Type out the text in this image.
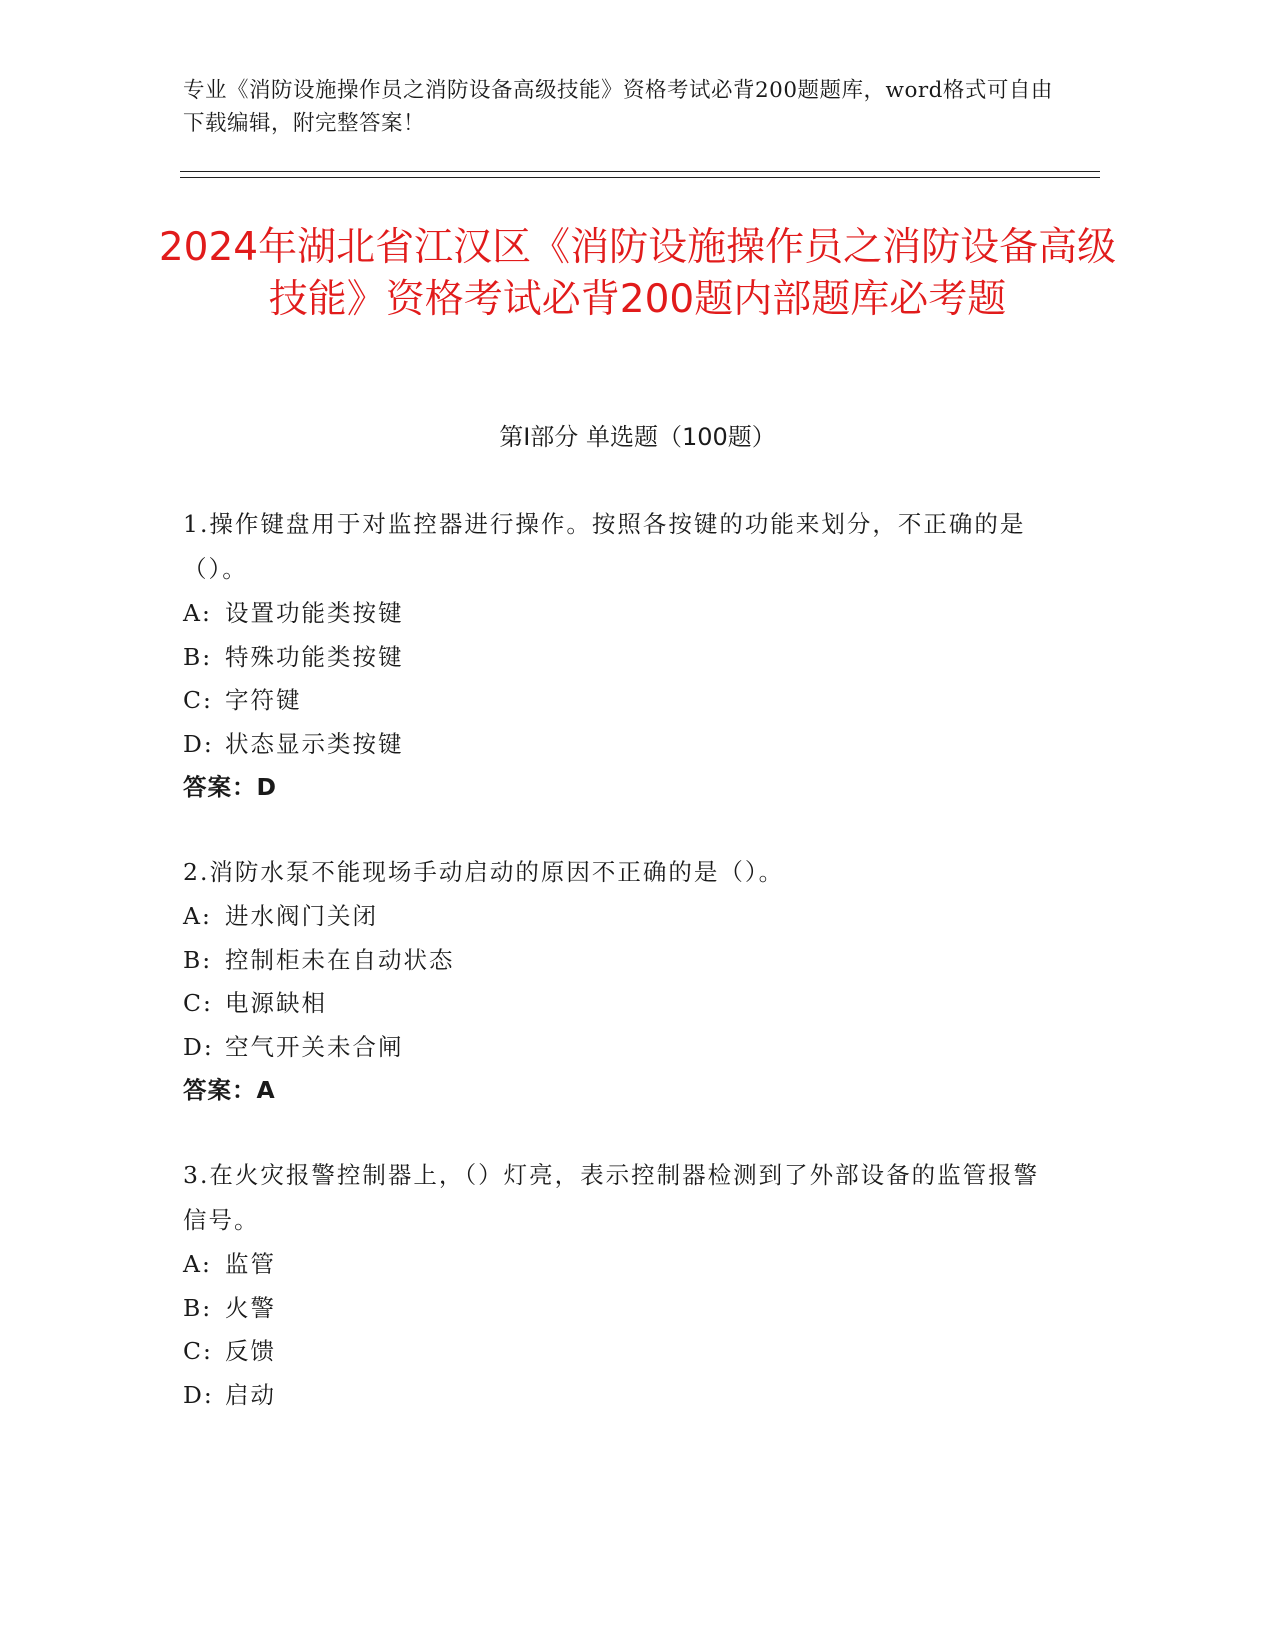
专业《消防设施操作员之消防设备高级技能》资格考试必背200题题库，word格式可自由下载编辑，附完整答案！
2024年湖北省江汉区《消防设施操作员之消防设备高级技能》资格考试必背200题内部题库必考题
第I部分 单选题（100题）
1.操作键盘用于对监控器进行操作。按照各按键的功能来划分，不正确的是（）。
A: 设置功能类按键
B: 特殊功能类按键
C: 字符键
D: 状态显示类按键
答案：D
2.消防水泵不能现场手动启动的原因不正确的是（）。
A: 进水阀门关闭
B: 控制柜未在自动状态
C: 电源缺相
D: 空气开关未合闸
答案：A
3.在火灾报警控制器上，（）灯亮，表示控制器检测到了外部设备的监管报警信号。
A: 监管
B: 火警
C: 反馈
D: 启动
